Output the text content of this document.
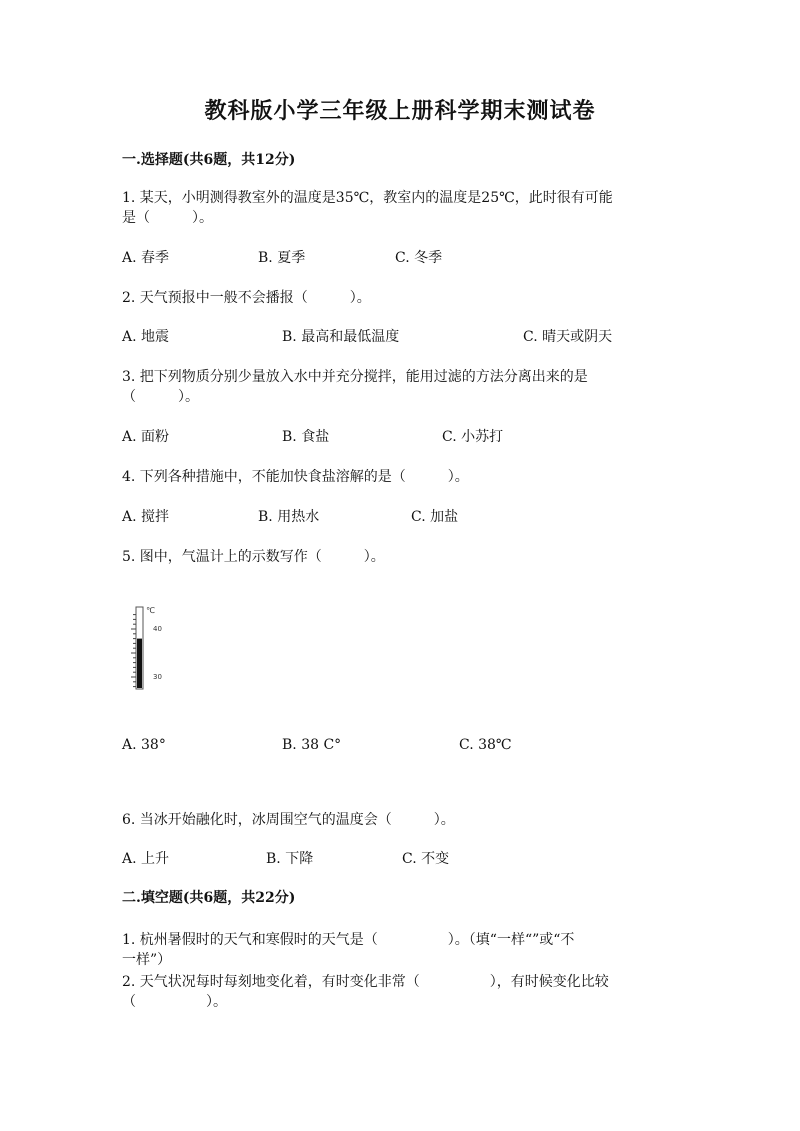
教科版小学三年级上册科学期末测试卷
一.选择题(共6题，共12分)
1. 某天，小明测得教室外的温度是35℃，教室内的温度是25℃，此时很有可能
是（　　　）。
A. 春季	B. 夏季	C. 冬季
2. 天气预报中一般不会播报（　　　）。
A. 地震	B. 最高和最低温度	C. 晴天或阴天
3. 把下列物质分别少量放入水中并充分搅拌，能用过滤的方法分离出来的是
（　　　）。
A. 面粉	B. 食盐	C. 小苏打
4. 下列各种措施中，不能加快食盐溶解的是（　　　）。
A. 搅拌	B. 用热水	C. 加盐
5. 图中，气温计上的示数写作（　　　）。
℃
40
30
A. 38°	B. 38 C°	C. 38℃
6. 当冰开始融化时，冰周围空气的温度会（　　　）。
A. 上升	B. 下降	C. 不变
二.填空题(共6题，共22分)
1. 杭州暑假时的天气和寒假时的天气是（　　　　　）。（填“一样“”或“不
一样”）
2. 天气状况每时每刻地变化着，有时变化非常（　　　　　），有时候变化比较
（　　　　　）。
